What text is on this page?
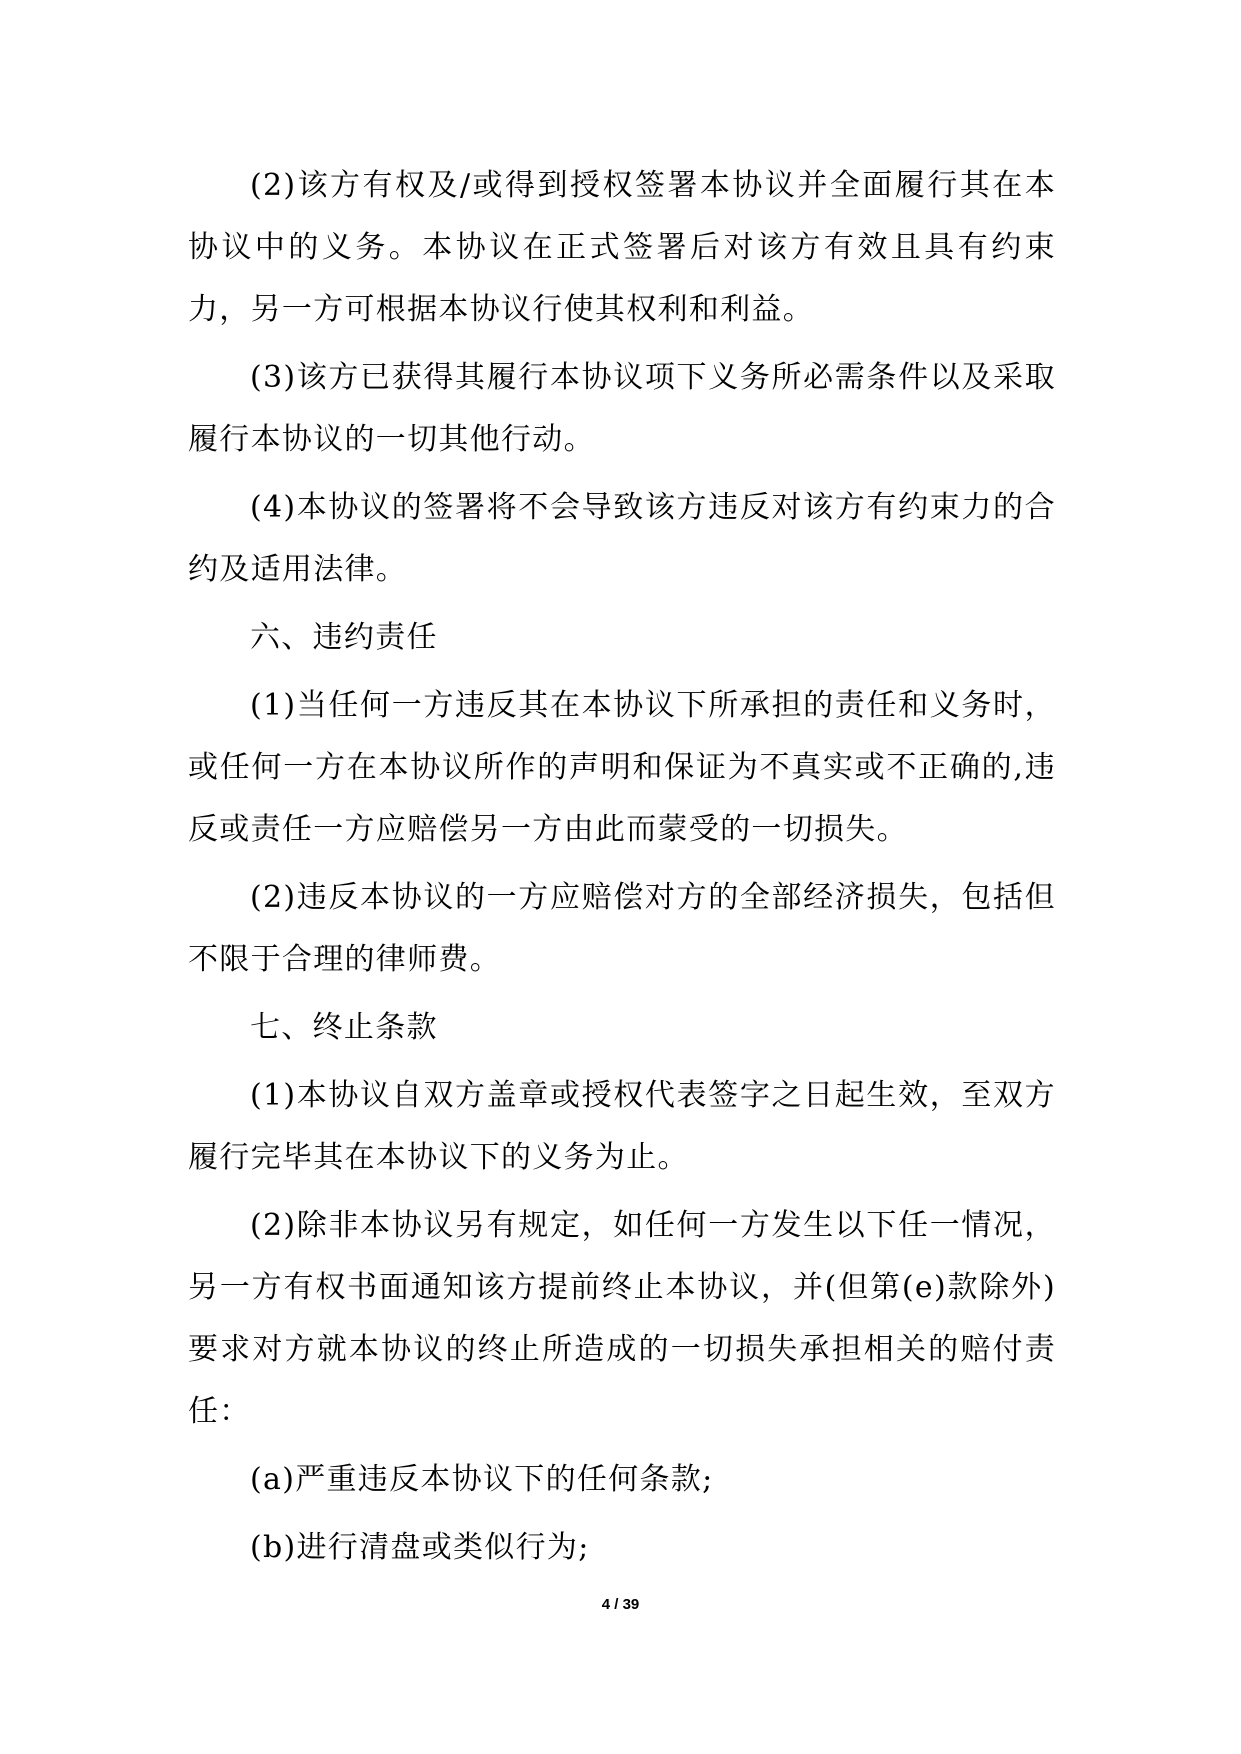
(2)该方有权及/或得到授权签署本协议并全面履行其在本协议中的义务。本协议在正式签署后对该方有效且具有约束力，另一方可根据本协议行使其权利和利益。

(3)该方已获得其履行本协议项下义务所必需条件以及采取履行本协议的一切其他行动。

(4)本协议的签署将不会导致该方违反对该方有约束力的合约及适用法律。

六、违约责任

(1)当任何一方违反其在本协议下所承担的责任和义务时，或任何一方在本协议所作的声明和保证为不真实或不正确的,违反或责任一方应赔偿另一方由此而蒙受的一切损失。

(2)违反本协议的一方应赔偿对方的全部经济损失，包括但不限于合理的律师费。

七、终止条款

(1)本协议自双方盖章或授权代表签字之日起生效，至双方履行完毕其在本协议下的义务为止。

(2)除非本协议另有规定，如任何一方发生以下任一情况，另一方有权书面通知该方提前终止本协议，并(但第(e)款除外)要求对方就本协议的终止所造成的一切损失承担相关的赔付责任：

(a)严重违反本协议下的任何条款;

(b)进行清盘或类似行为;

4 / 39
